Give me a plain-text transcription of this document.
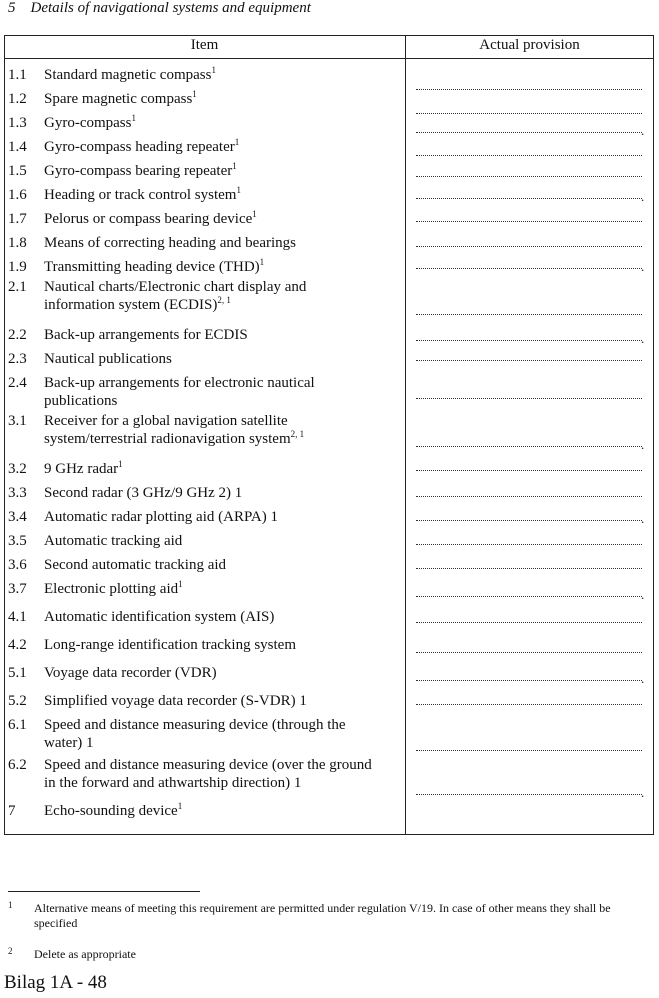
5 Details of navigational systems and equipment
Item	Actual provision
1.1	Standard magnetic compass$^1$
1.2	Spare magnetic compass$^1$
1.3	Gyro-compass$^1$
.
1.4	Gyro-compass heading repeater$^1$
1.5	Gyro-compass bearing repeater$^1$
1.6	Heading or track control system$^1$	.
1.7	Pelorus or compass bearing device$^1$
1.8	Means of correcting heading and bearings
1.9	Transmitting heading device (THD)$^1$	.
2.1	Nautical charts/Electronic chart display and
information system (ECDIS)$^{2, 1}$
2.2	Back-up arrangements for ECDIS
2.3	Nautical publications
.
2.4	Back-up arrangements for electronic nautical
publications
3.1	Receiver for a global navigation satellite
system/terrestrial radionavigation system$^{2, 1}$
3.2	9 GHz radar$^1$
.
3.3	Second radar (3 GHz/9 GHz 2) 1
3.4	Automatic radar plotting aid (ARPA) 1
3.5	Automatic tracking aid
.
3.6	Second automatic tracking aid
3.7	Electronic plotting aid$^1$
4.1	Automatic identification system (AIS)
.
4.2	Long-range identification tracking system
5.1	Voyage data recorder (VDR)
5.2	Simplified voyage data recorder (S-VDR) 1
.
6.1	Speed and distance measuring device (through the
water) 1
6.2	Speed and distance measuring device (over the ground
in the forward and athwartship direction) 1
7	Echo-sounding device$^1$
.
1	Alternative means of meeting this requirement are permitted under regulation V/19. In case of other means they shall be specified
2	Delete as appropriate
Bilag 1A - 48
